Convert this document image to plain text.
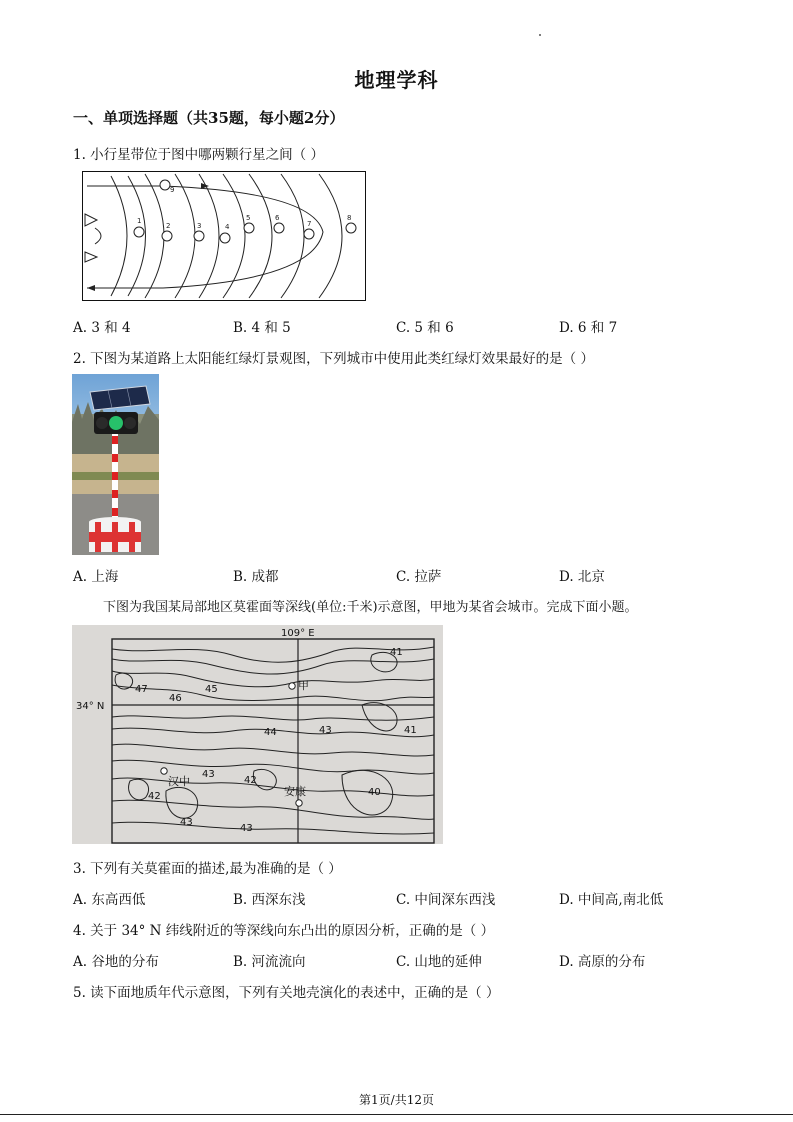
地理学科
一、单项选择题（共35题，每小题2分）
1. 小行星带位于图中哪两颗行星之间（ ）
1
2	3	4
5	6
7
8
9
A. 3 和 4	B. 4 和 5	C. 5 和 6	D. 6 和 7
2. 下图为某道路上太阳能红绿灯景观图，下列城市中使用此类红绿灯效果最好的是（ ）
A. 上海	B. 成都	C. 拉萨	D. 北京
下图为我国某局部地区莫霍面等深线(单位:千米)示意图，甲地为某省会城市。完成下面小题。
109° E
34° N
甲
汉中
安康
41
47
46
45
44	43	41
43
42
40
42
43
43
3. 下列有关莫霍面的描述,最为准确的是（ ）
A. 东高西低	B. 西深东浅	C. 中间深东西浅	D. 中间高,南北低
4. 关于 34° N 纬线附近的等深线向东凸出的原因分析，正确的是（ ）
A. 谷地的分布	B. 河流流向	C. 山地的延伸	D. 高原的分布
5. 读下面地质年代示意图，下列有关地壳演化的表述中，正确的是（ ）
第1页/共12页
